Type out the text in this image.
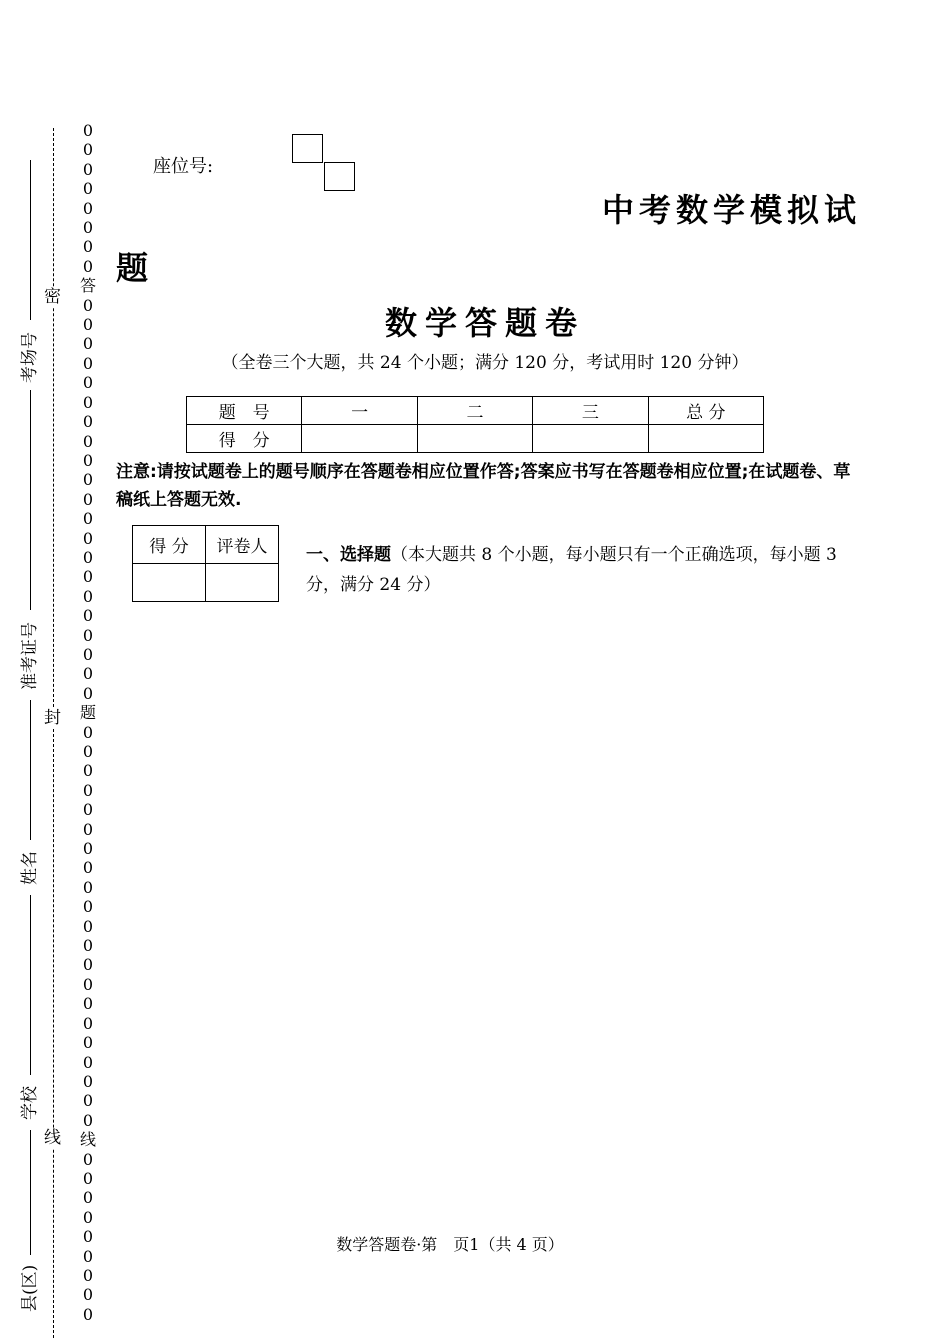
考场号
准考证号
姓名
学校
县(区)
密
封
线
0
0
0
0
0
0
0
0
答
0
0
0
0
0
0
0
0
0
0
0
0
0
0
0
0
0
0
0
0
0
题
0
0
0
0
0
0
0
0
0
0
0
0
0
0
0
0
0
0
0
0
0
线
0
0
0
0
0
0
0
0
0
座位号:
中考数学模拟试
题
数学答题卷
（全卷三个大题，共 24 个小题；满分 120 分，考试用时 120 分钟）
题　号	一	二	三	总 分
得　分				
注意:请按试题卷上的题号顺序在答题卷相应位置作答;答案应书写在答题卷相应位置;在试题卷、草稿纸上答题无效.
得 分	评卷人
	一、选择题（本大题共 8 个小题，每小题只有一个正确选项，每小题 3 分，满分 24 分）
数学答题卷·第　页1（共 4 页）
